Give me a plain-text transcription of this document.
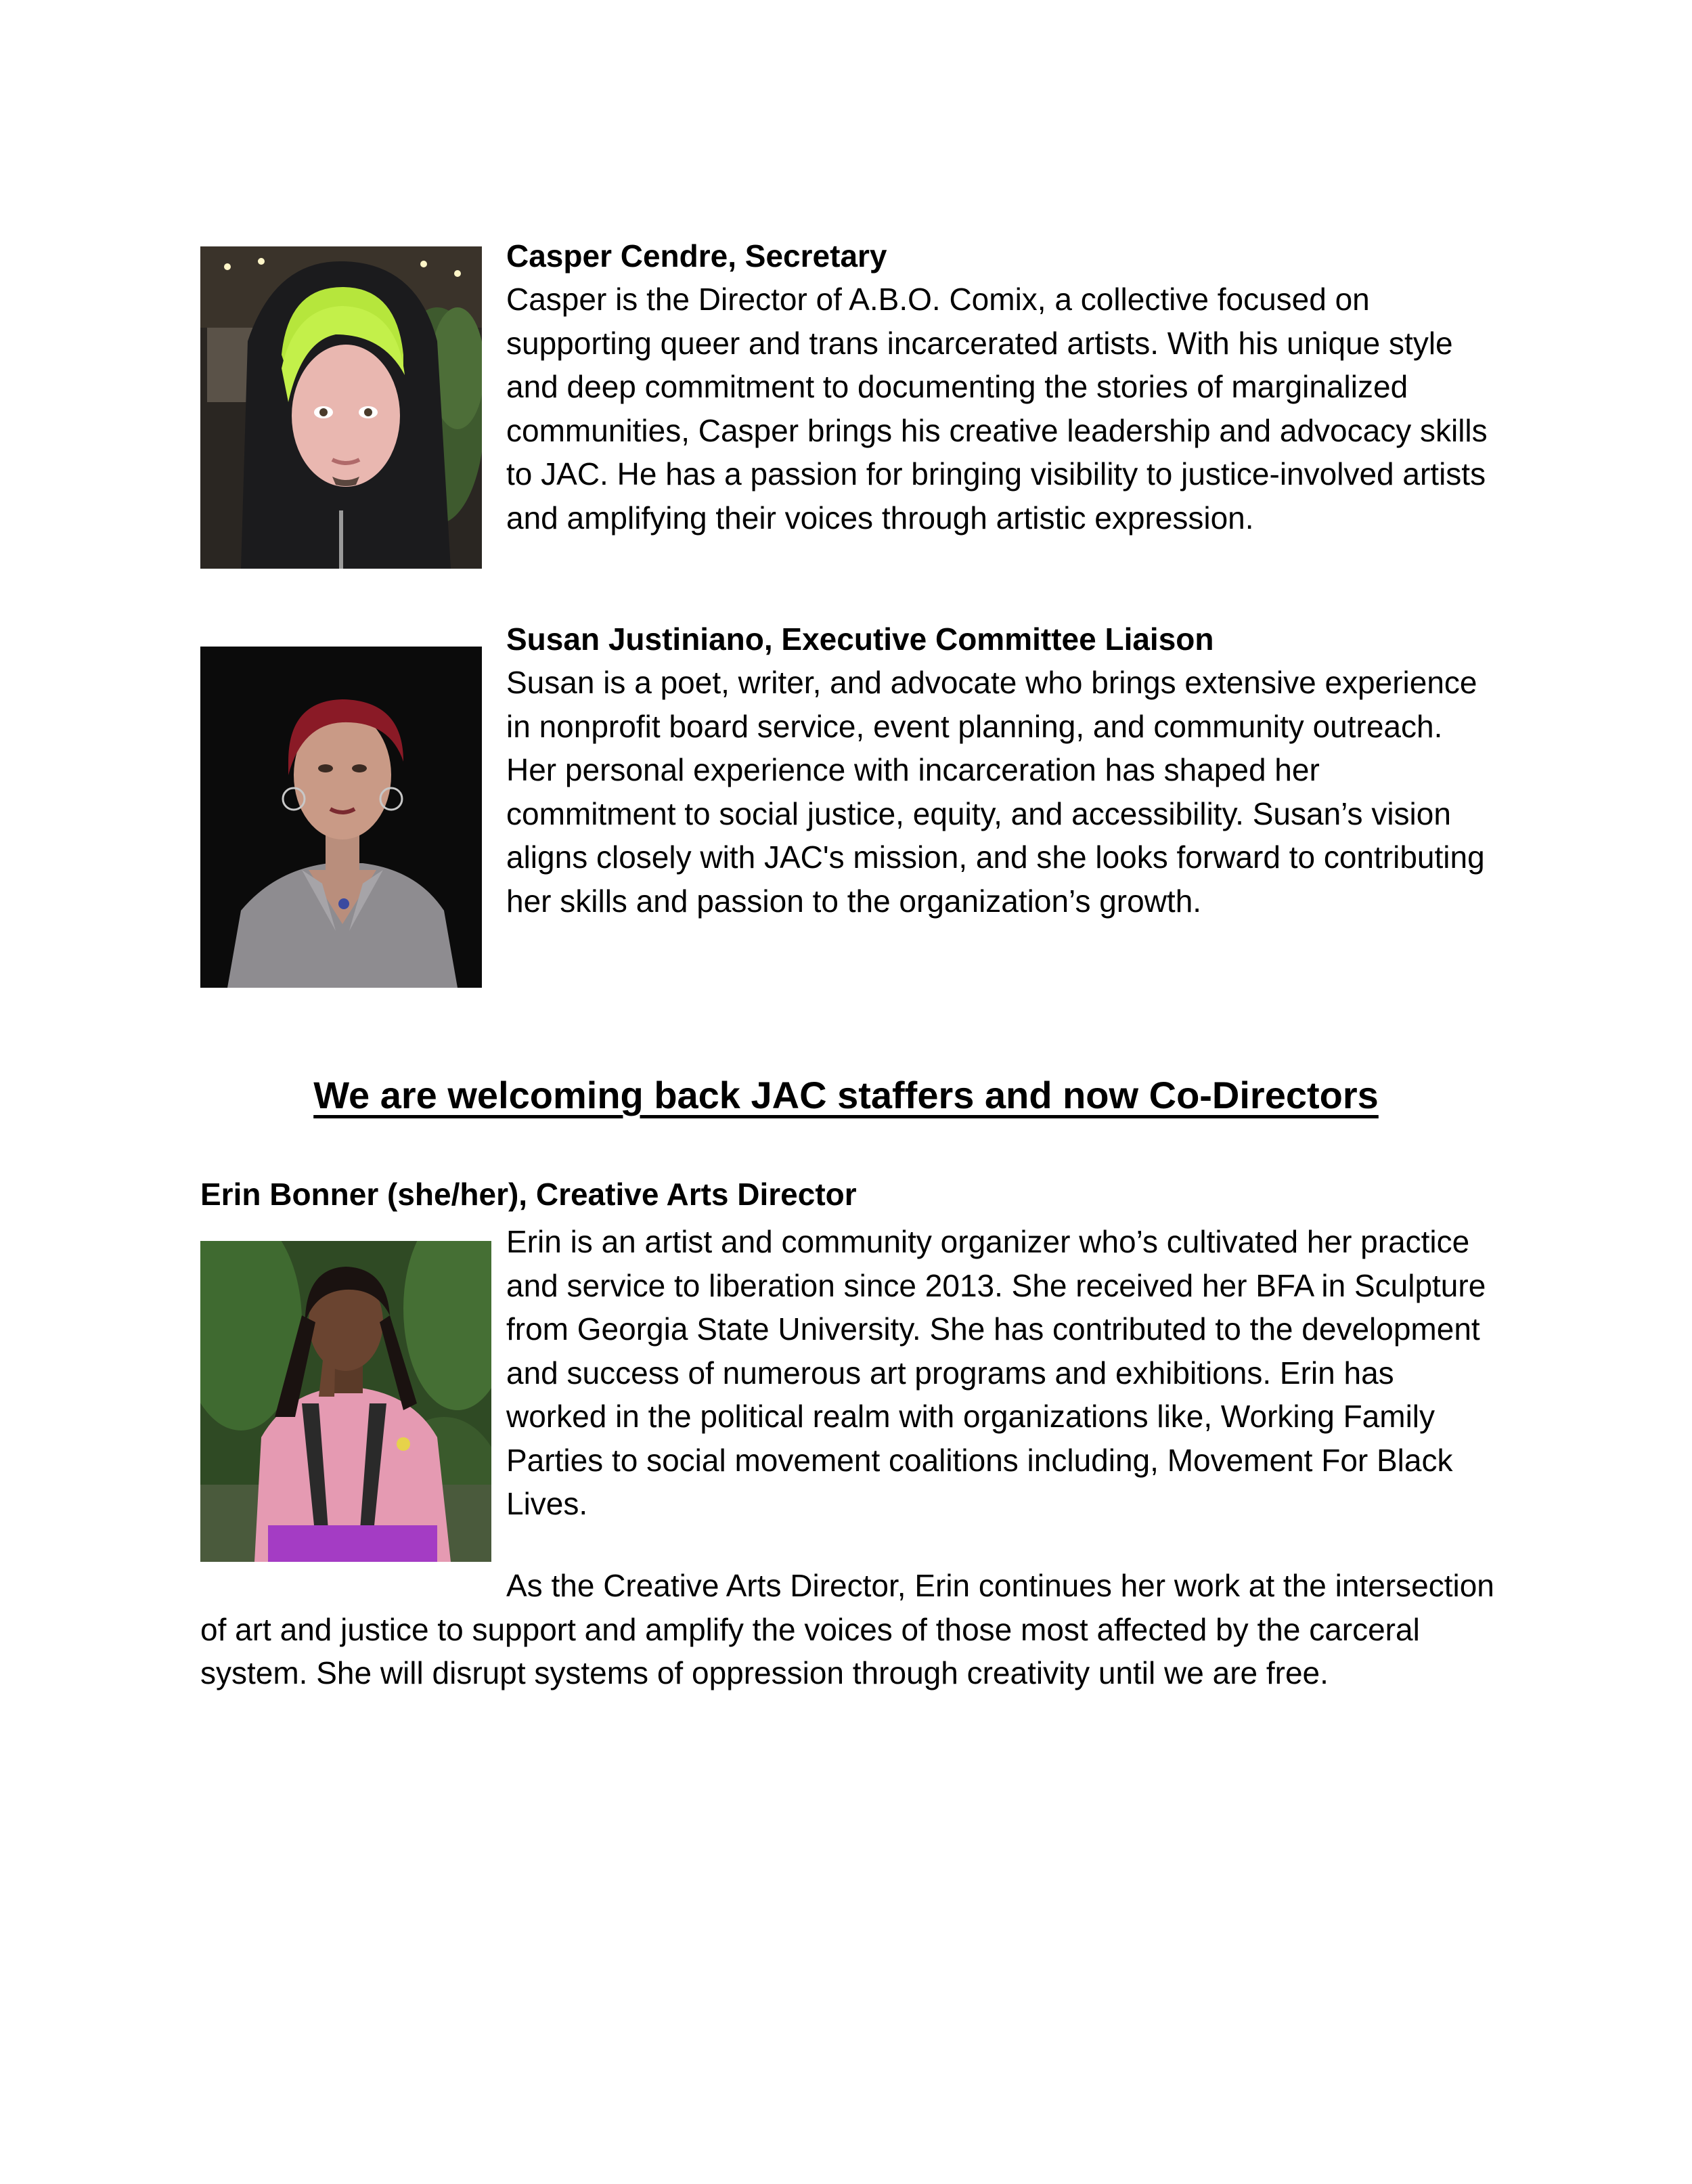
Casper Cendre, Secretary

Casper is the Director of A.B.O. Comix, a collective focused on supporting queer and trans incarcerated artists. With his unique style and deep commitment to documenting the stories of marginalized communities, Casper brings his creative leadership and advocacy skills to JAC. He has a passion for bringing visibility to justice-involved artists and amplifying their voices through artistic expression.

Susan Justiniano, Executive Committee Liaison

Susan is a poet, writer, and advocate who brings extensive experience in nonprofit board service, event planning, and community outreach. Her personal experience with incarceration has shaped her commitment to social justice, equity, and accessibility. Susan’s vision aligns closely with JAC's mission, and she looks forward to contributing her skills and passion to the organization’s growth.

We are welcoming back JAC staffers and now Co-Directors
Erin Bonner (she/her), Creative Arts Director

Erin is an artist and community organizer who’s cultivated her practice and service to liberation since 2013. She received her BFA in Sculpture from Georgia State University. She has contributed to the development and success of numerous art programs and exhibitions. Erin has worked in the political realm with organizations like, Working Family Parties to social movement coalitions including, Movement For Black Lives.

As the Creative Arts Director, Erin continues her work at the intersection of art and justice to support and amplify the voices of those most affected by the carceral system. She will disrupt systems of oppression through creativity until we are free.
